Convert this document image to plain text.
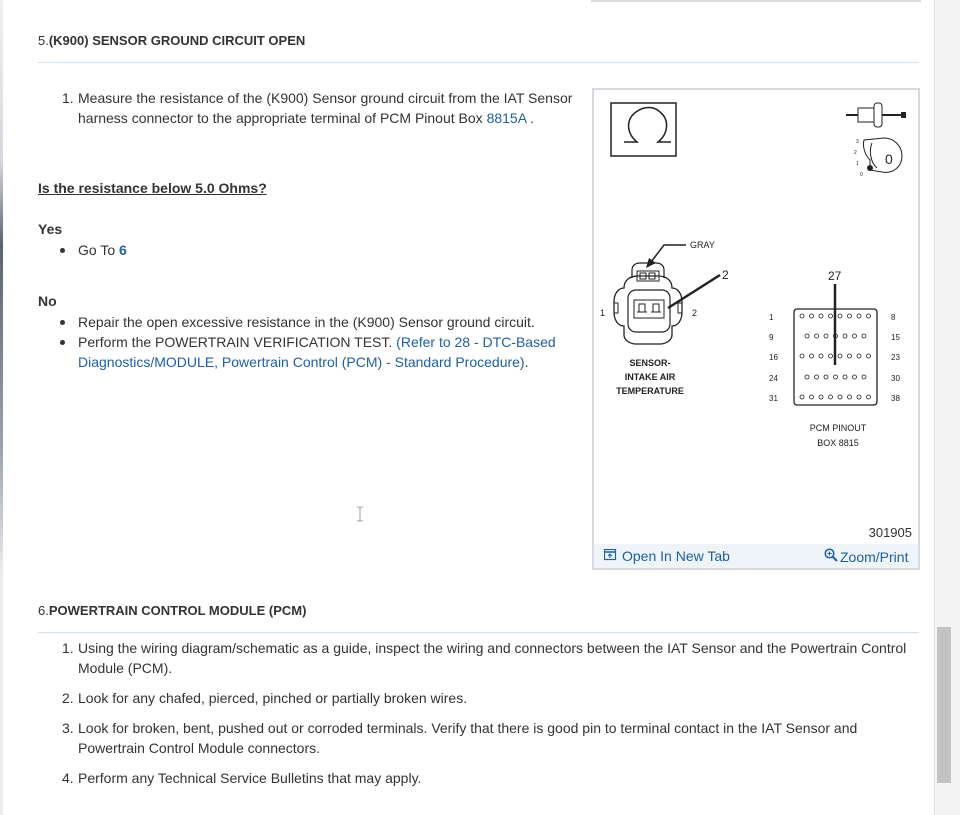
5.(K900) SENSOR GROUND CIRCUIT OPEN
1. Measure the resistance of the (K900) Sensor ground circuit from the IAT Sensor
harness connector to the appropriate terminal of PCM Pinout Box 8815A .
Is the resistance below 5.0 Ohms?
Yes
Go To 6
No
Repair the open excessive resistance in the (K900) Sensor ground circuit.
Perform the POWERTRAIN VERIFICATION TEST. (Refer to 28 - DTC-Based
Diagnostics/MODULE, Powertrain Control (PCM) - Standard Procedure).
3
2
1
0
0
GRAY
2
1	2
SENSOR-
INTAKE AIR
TEMPERATURE
27
1
9
16
24
31
8
15
23
30
38
PCM PINOUT
BOX 8815
301905
Open In New Tab	Zoom/Print
6.POWERTRAIN CONTROL MODULE (PCM)
1. Using the wiring diagram/schematic as a guide, inspect the wiring and connectors between the IAT Sensor and the Powertrain Control
Module (PCM).
2. Look for any chafed, pierced, pinched or partially broken wires.
3. Look for broken, bent, pushed out or corroded terminals. Verify that there is good pin to terminal contact in the IAT Sensor and
Powertrain Control Module connectors.
4. Perform any Technical Service Bulletins that may apply.
